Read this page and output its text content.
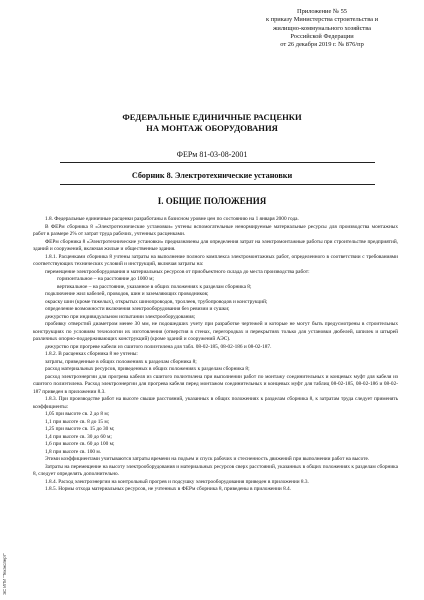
Приложение № 55
к приказу Министерства строительства и
жилищно-коммунального хозяйства
Российской Федерации
от 26 декабря 2019 г. № 876/пр
ФЕДЕРАЛЬНЫЕ ЕДИНИЧНЫЕ РАСЦЕНКИ
НА МОНТАЖ ОБОРУДОВАНИЯ
ФЕРм 81-03-08-2001
Сборник 8. Электротехнические установки
I. ОБЩИЕ ПОЛОЖЕНИЯ

1.8. Федеральные единичные расценки разработаны в базисном уровне цен по состоянию на 1 января 2000 года.

В ФЕРм сборника 8 «Электротехнические установки» учтены вспомогательные ненормируемые материальные ресурсы для производства монтажных работ в размере 2% от затрат труда рабочих, учтенных расценками.

ФЕРм сборника 8 «Электротехнические установки» предназначены для определения затрат на электромонтажные работы при строительстве предприятий, зданий и сооружений, включая жилые и общественные здания.

1.8.1. Расценками сборника 8 учтены затраты на выполнение полного комплекса электромонтажных работ, определенного в соответствии с требованиями соответствующих технических условий и инструкций, включая затраты на:

перемещение электрооборудования и материальных ресурсов от приобъектного склада до места производства работ:

горизонтальное – на расстояние до 1000 м;

вертикальное – на расстояние, указанное в общих положениях к разделам сборника 8;

подключение жил кабелей, проводов, шин и заземляющих проводников;

окраску шин (кроме тяжелых), открытых шинопроводов, троллеев, трубопроводов и конструкций;

определение возможности включения электрооборудования без ревизии и сушки;

дежурство при индивидуальном испытании электрооборудования;

пробивку отверстий диаметром менее 30 мм, не подошедших учету при разработке чертежей и которые не могут быть предусмотрены в строительных конструкциях по условиям технологии их изготовления (отверстия в стенах, перегородках и перекрытиях только для установки дюбелей, шпилек и штырей различных опорно-поддерживающих конструкций) (кроме зданий и сооружений АЭС).

дежурство при прогреве кабели из сшитого полиэтилена для табл. 08-02-185, 08-02-186 и 08-02-187.

1.8.2. В расценках сборника 8 не учтены:

затраты, приведенные в общих положениях к разделам сборника 8;

расход материальных ресурсов, приведенных в общих положениях к разделам сборника 8;

расход электроэнергии для прогрева кабеля из сшитого полиэтилена при выполнении работ по монтажу соединительных и концевых муфт для кабеля из сшитого полиэтилена. Расход электроэнергии для прогрева кабеля перед монтажом соединительных и концевых муфт для таблиц 08-02-185, 08-02-186 и 08-02-187 приведен в приложении 8.3.

1.8.3. При производстве работ на высоте свыше расстояний, указанных в общих положениях к разделам сборника 8, к затратам труда следует применять коэффициенты:

1,05 при высоте св. 2 до 8 м;

1,1 при высоте св. 8 до 15 м;

1,25 при высоте св. 15 до 30 м;

1,4 при высоте св. 30 до 60 м;

1,6 при высоте св. 60 до 100 м;

1,8 при высоте св. 100 м.

Этими коэффициентами учитываются затраты времени на подъем и спуск рабочих и стесненность движений при выполнении работ на высоте.

Затраты на перемещение на высоту электрооборудования и материальных ресурсов сверх расстояний, указанных в общих положениях к разделам сборника 8, следует определять дополнительно.

1.8.4. Расход электроэнергии на контрольный прогрев и подсушку электрооборудования приведен в приложении 8.3.

1.8.5. Нормы отхода материальных ресурсов, не учтенных в ФЕРм сборника 8, приведены в приложении 8.4.

ЭС ИПИ "Техэксперт"
